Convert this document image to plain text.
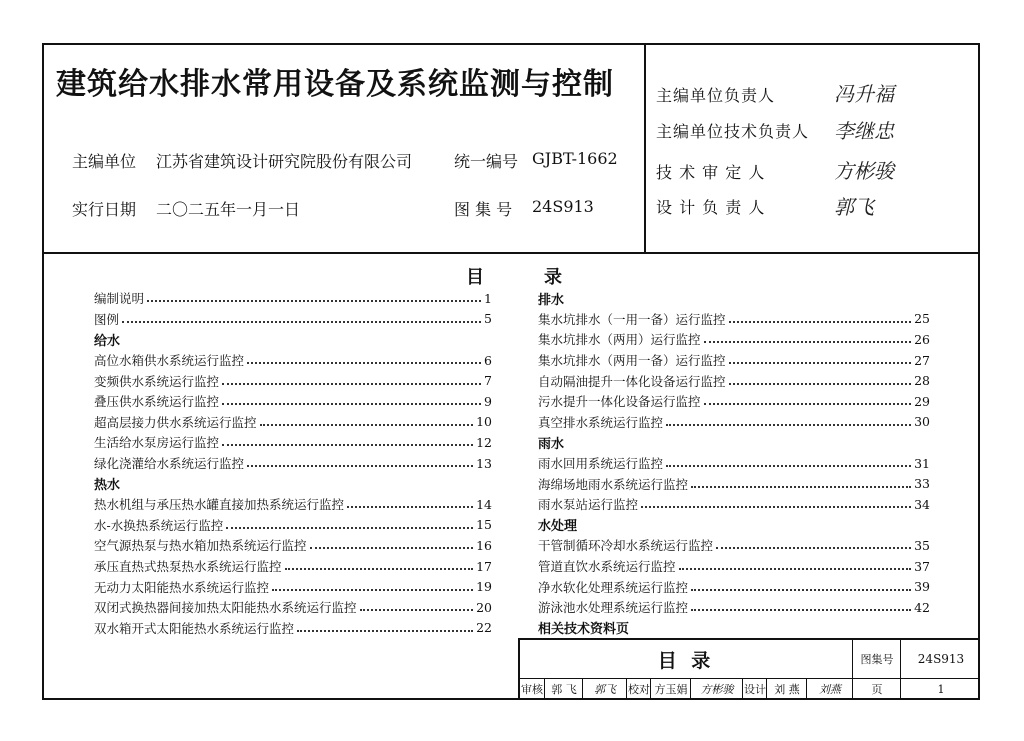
建筑给水排水常用设备及系统监测与控制
主编单位 江苏省建筑设计研究院股份有限公司	统一编号 GJBT-1662
实行日期 二〇二五年一月一日	图 集 号 24S913
主编单位负责人	冯升福
主编单位技术负责人 李继忠
技 术 审 定 人	方彬骏
设 计 负 责 人	郭飞
目	录
编制说明	1
图例	5
给水
高位水箱供水系统运行监控	6
变频供水系统运行监控	7
叠压供水系统运行监控	9
超高层接力供水系统运行监控	10
生活给水泵房运行监控	12
绿化浇灌给水系统运行监控	13
热水
热水机组与承压热水罐直接加热系统运行监控	14
水-水换热系统运行监控	15
空气源热泵与热水箱加热系统运行监控	16
承压直热式热泵热水系统运行监控	17
无动力太阳能热水系统运行监控	19
双闭式换热器间接加热太阳能热水系统运行监控	20
双水箱开式太阳能热水系统运行监控	22
排水
集水坑排水（一用一备）运行监控	25
集水坑排水（两用）运行监控	26
集水坑排水（两用一备）运行监控	27
自动隔油提升一体化设备运行监控	28
污水提升一体化设备运行监控	29
真空排水系统运行监控	30
雨水
雨水回用系统运行监控	31
海绵场地雨水系统运行监控	33
雨水泵站运行监控	34
水处理
干管制循环冷却水系统运行监控	35
管道直饮水系统运行监控	37
净水软化处理系统运行监控	39
游泳池水处理系统运行监控	42
相关技术资料页
目 录	图集号	24S913
审核 郭 飞	郭飞	校对 方玉娟	方彬骏 设计 刘 燕	刘燕	页	1
